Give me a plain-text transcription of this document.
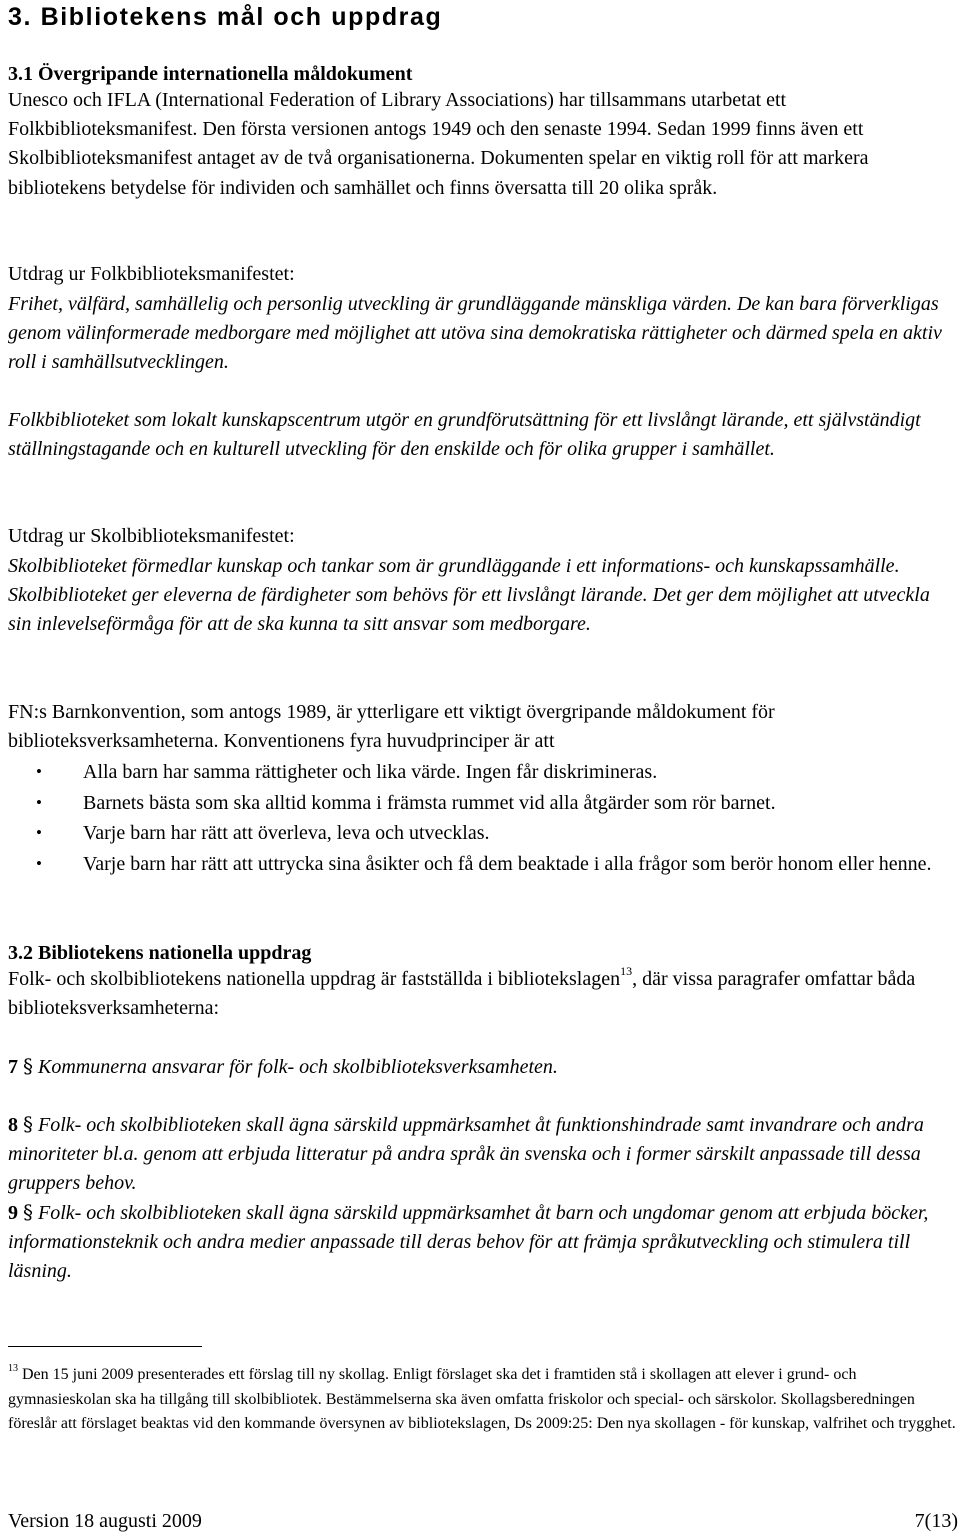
3. Bibliotekens mål och uppdrag
3.1 Övergripande internationella måldokument

Unesco och IFLA (International Federation of Library Associations) har tillsammans utarbetat ett Folkbiblioteksmanifest. Den första versionen antogs 1949 och den senaste 1994. Sedan 1999 finns även ett Skolbiblioteksmanifest antaget av de två organisationerna. Dokumenten spelar en viktig roll för att markera bibliotekens betydelse för individen och samhället och finns översatta till 20 olika språk.

Utdrag ur Folkbiblioteksmanifestet:

Frihet, välfärd, samhällelig och personlig utveckling är grundläggande mänskliga värden. De kan bara förverkligas genom välinformerade medborgare med möjlighet att utöva sina demokratiska rättigheter och därmed spela en aktiv roll i samhällsutvecklingen.

Folkbiblioteket som lokalt kunskapscentrum utgör en grundförutsättning för ett livslångt lärande, ett självständigt ställningstagande och en kulturell utveckling för den enskilde och för olika grupper i samhället.

Utdrag ur Skolbiblioteksmanifestet:

Skolbiblioteket förmedlar kunskap och tankar som är grundläggande i ett informations- och kunskapssamhälle. Skolbiblioteket ger eleverna de färdigheter som behövs för ett livslångt lärande. Det ger dem möjlighet att utveckla sin inlevelseförmåga för att de ska kunna ta sitt ansvar som medborgare.

FN:s Barnkonvention, som antogs 1989, är ytterligare ett viktigt övergripande måldokument för biblioteksverksamheterna. Konventionens fyra huvudprinciper är att

• Alla barn har samma rättigheter och lika värde. Ingen får diskrimineras.
• Barnets bästa som ska alltid komma i främsta rummet vid alla åtgärder som rör barnet.
• Varje barn har rätt att överleva, leva och utvecklas.
• Varje barn har rätt att uttrycka sina åsikter och få dem beaktade i alla frågor som berör honom eller henne.
3.2 Bibliotekens nationella uppdrag

Folk- och skolbibliotekens nationella uppdrag är fastställda i bibliotekslagen$^{13}$, där vissa paragrafer omfattar båda biblioteksverksamheterna:

7 § Kommunerna ansvarar för folk- och skolbiblioteksverksamheten.

8 § Folk- och skolbiblioteken skall ägna särskild uppmärksamhet åt funktionshindrade samt invandrare och andra minoriteter bl.a. genom att erbjuda litteratur på andra språk än svenska och i former särskilt anpassade till dessa gruppers behov.

9 § Folk- och skolbiblioteken skall ägna särskild uppmärksamhet åt barn och ungdomar genom att erbjuda böcker, informationsteknik och andra medier anpassade till deras behov för att främja språkutveckling och stimulera till läsning.

$^{13}$ Den 15 juni 2009 presenterades ett förslag till ny skollag. Enligt förslaget ska det i framtiden stå i skollagen att elever i grund- och gymnasieskolan ska ha tillgång till skolbibliotek. Bestämmelserna ska även omfatta friskolor och special- och särskolor. Skollagsberedningen föreslår att förslaget beaktas vid den kommande översynen av bibliotekslagen, Ds 2009:25: Den nya skollagen - för kunskap, valfrihet och trygghet.

Version 18 augusti 2009	7(13)
